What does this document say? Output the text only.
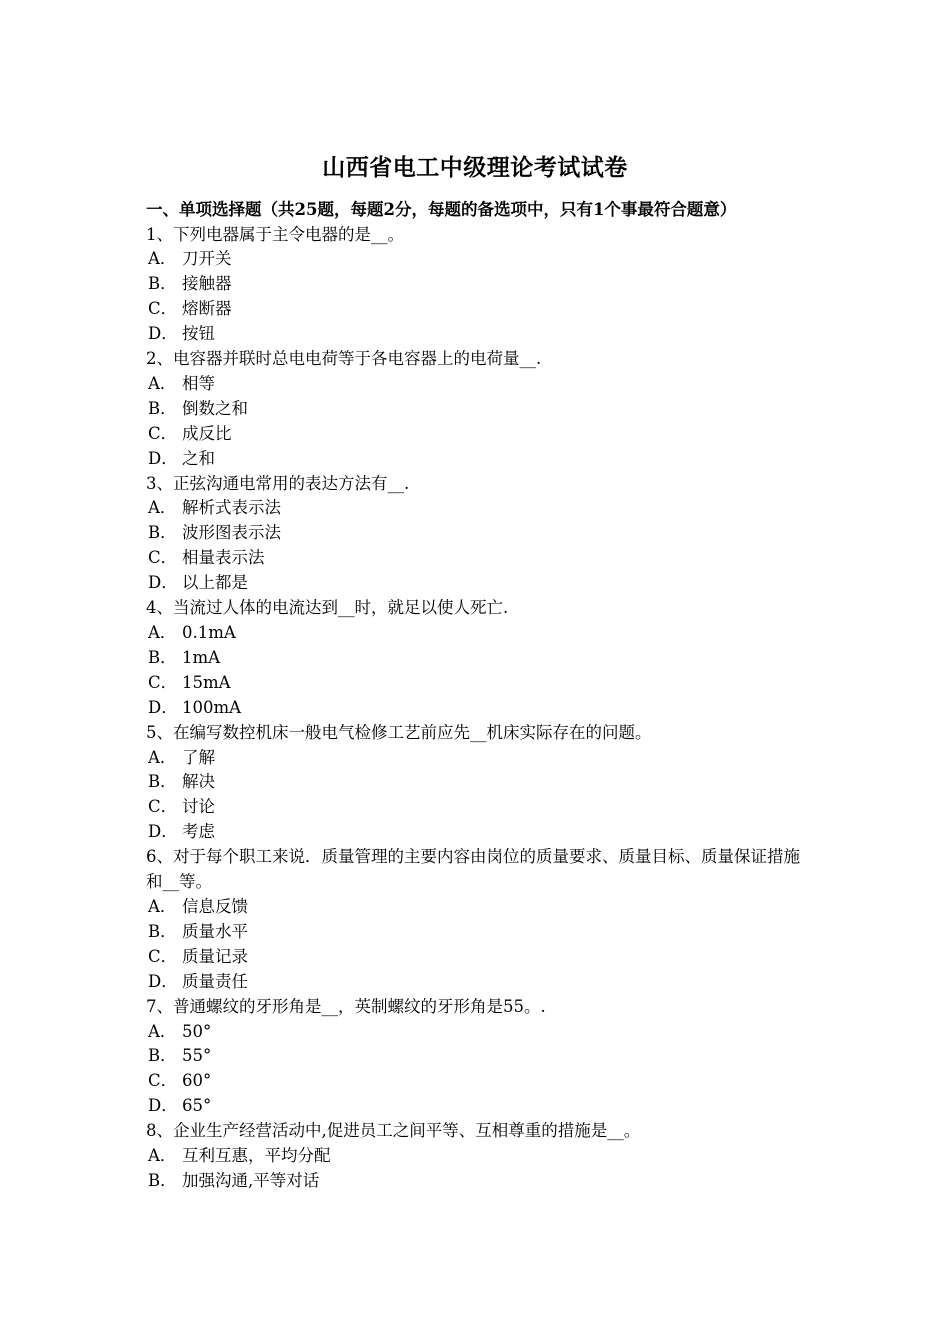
山西省电工中级理论考试试卷

一、单项选择题（共25题，每题2分，每题的备选项中，只有1个事最符合题意）

1、下列电器属于主令电器的是__。

A． 刀开关

B． 接触器

C． 熔断器

D． 按钮

2、电容器并联时总电电荷等于各电容器上的电荷量__.

A． 相等

B． 倒数之和

C． 成反比

D． 之和

3、正弦沟通电常用的表达方法有__.

A． 解析式表示法

B． 波形图表示法

C． 相量表示法

D． 以上都是

4、当流过人体的电流达到__时，就足以使人死亡.

A． 0.1mA

B． 1mA

C． 15mA

D． 100mA

5、在编写数控机床一般电气检修工艺前应先__机床实际存在的问题。

A． 了解

B． 解决

C． 讨论

D． 考虑

6、对于每个职工来说．质量管理的主要内容由岗位的质量要求、质量目标、质量保证措施和__等。

A． 信息反馈

B． 质量水平

C． 质量记录

D． 质量责任

7、普通螺纹的牙形角是__，英制螺纹的牙形角是55。.

A． 50°

B． 55°

C． 60°

D． 65°

8、企业生产经营活动中,促进员工之间平等、互相尊重的措施是__。

A． 互利互惠，平均分配

B． 加强沟通,平等对话
